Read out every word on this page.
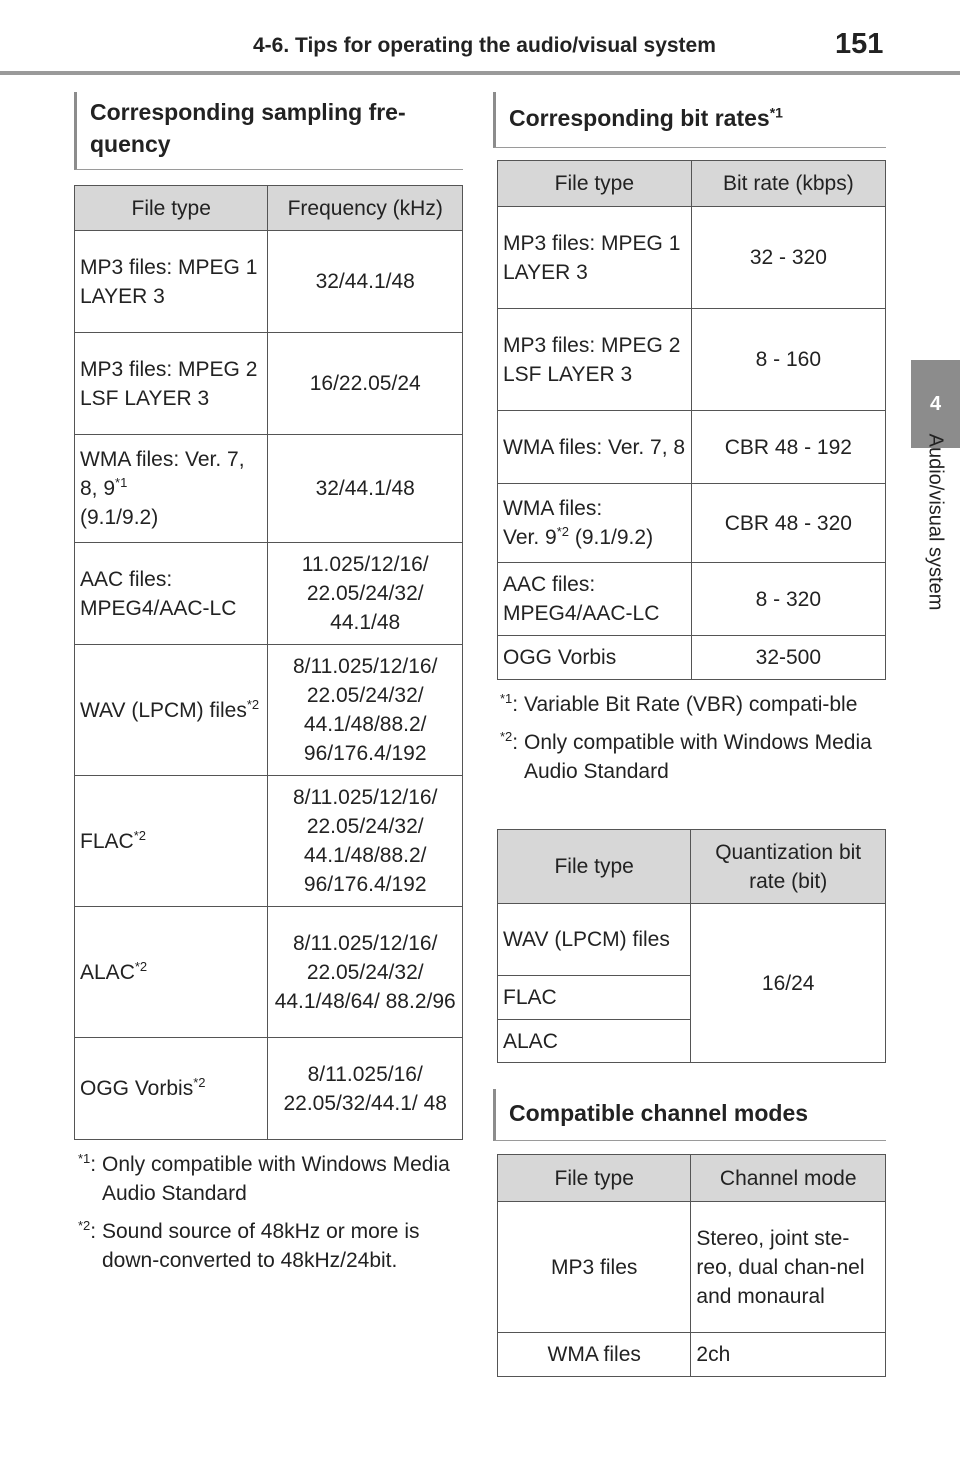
4-6. Tips for operating the audio/visual system	151
4
Audio/visual system
Corresponding sampling fre-quency
File type	Frequency (kHz)
MP3 files: MPEG 1 LAYER 3	32/44.1/48
MP3 files: MPEG 2 LSF LAYER 3	16/22.05/24
WMA files: Ver. 7, 8, 9$^{*1}$
(9.1/9.2)	32/44.1/48
AAC files: MPEG4/AAC-LC	11.025/12/16/ 22.05/24/32/ 44.1/48
WAV (LPCM) files$^{*2}$	8/11.025/12/16/ 22.05/24/32/ 44.1/48/88.2/ 96/176.4/192
FLAC$^{*2}$	8/11.025/12/16/ 22.05/24/32/ 44.1/48/88.2/ 96/176.4/192
ALAC$^{*2}$	8/11.025/12/16/ 22.05/24/32/ 44.1/48/64/ 88.2/96
OGG Vorbis$^{*2}$	8/11.025/16/ 22.05/32/44.1/ 48
$^{*1}$: Only compatible with Windows Media Audio Standard
$^{*2}$: Sound source of 48kHz or more is down-converted to 48kHz/24bit.
Corresponding bit rates$^{*1}$
File type	Bit rate (kbps)
MP3 files: MPEG 1 LAYER 3	32 - 320
MP3 files: MPEG 2 LSF LAYER 3	8 - 160
WMA files: Ver. 7, 8	CBR 48 - 192
WMA files:
Ver. 9$^{*2}$ (9.1/9.2)	CBR 48 - 320
AAC files: MPEG4/AAC-LC	8 - 320
OGG Vorbis	32-500
$^{*1}$: Variable Bit Rate (VBR) compati-ble
$^{*2}$: Only compatible with Windows Media Audio Standard
File type	Quantization bit rate (bit)
WAV (LPCM) files	16/24
FLAC	
ALAC	
Compatible channel modes
File type	Channel mode
MP3 files	Stereo, joint ste-reo, dual chan-nel and monaural
WMA files	2ch
